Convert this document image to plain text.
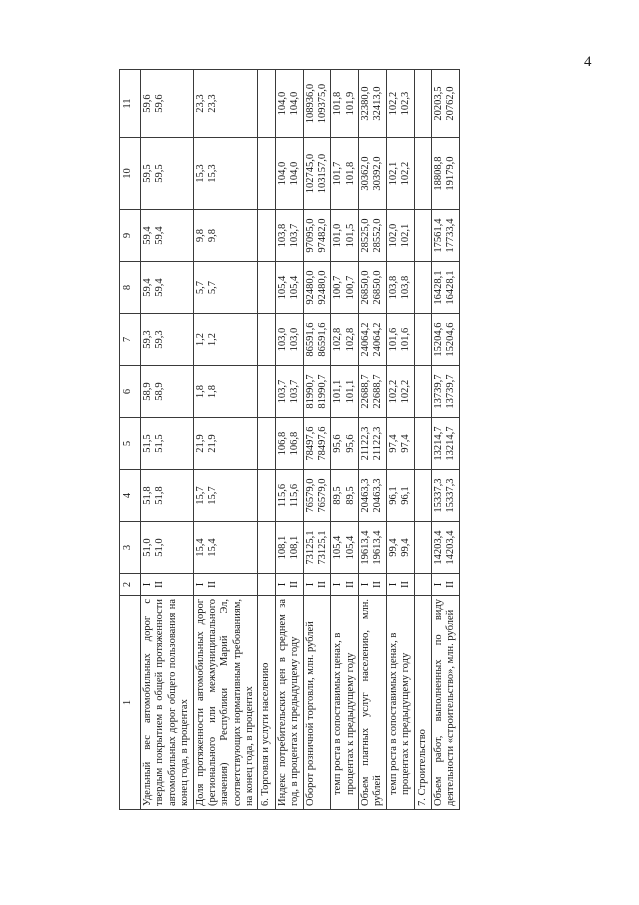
4
1	2	3	4	5	6	7	8	9	10	11
Удельный вес автомобильных дорог с твердым покрытием в общей протяженности автомобильных дорог общего пользования на конец года, в процентах	I II	51,0 51,0	51,8 51,8	51,5 51,5	58,9 58,9	59,3 59,3	59,4 59,4	59,4 59,4	59,5 59,5	59,6 59,6

Доля протяженности автомобильных дорог (регионального или межмуниципального значения) Республики Марий Эл, соответствующих нормативным требованиям, на конец года, в процентах	I II	15,4 15,4	15,7 15,7	21,9 21,9	1,8 1,8	1,2 1,2	5,7 5,7	9,8 9,8	15,3 15,3	23,3 23,3

6. Торговля и услуги населению										
Индекс потребительских цен в среднем за год, в процентах к предыдущему году	I II	108,1 108,1	115,6 115,6	106,8 106,8	103,7 103,7	103,0 103,0	105,4 105,4	103,8 103,7	104,0 104,0	104,0 104,0

Оборот розничной торговли, млн. рублей	I II	73125,1 73125,1	76579,0 76579,0	78497,6 78497,6	81990,7 81990,7	86591,6 86591,6	92480,0 92480,0	97095,0 97482,0	102745,0 103157,0	108936,0 109375,0

темп роста в сопоставимых ценах, в процентах к предыдущему году	I II	105,4 105,4	89,5 89,5	95,6 95,6	101,1 101,1	102,8 102,8	100,7 100,7	101,0 101,5	101,7 101,8	101,8 101,9

Объем платных услуг населению, млн. рублей	I II	19613,4 19613,4	20463,3 20463,3	21122,3 21122,3	22688,7 22688,7	24064,2 24064,2	26850,0 26850,0	28525,0 28552,0	30362,0 30392,0	32380,0 32413,0

темп роста в сопоставимых ценах, в процентах к предыдущему году	I II	99,4 99,4	96,1 96,1	97,4 97,4	102,2 102,2	101,6 101,6	103,8 103,8	102,0 102,1	102,1 102,2	102,2 102,3

7. Строительство										
Объем работ, выполненных по виду деятельности «строительство», млн. рублей	I II	14203,4 14203,4	15337,3 15337,3	13214,7 13214,7	13739,7 13739,7	15204,6 15204,6	16428,1 16428,1	17561,4 17733,4	18808,8 19179,0	20203,5 20762,0
